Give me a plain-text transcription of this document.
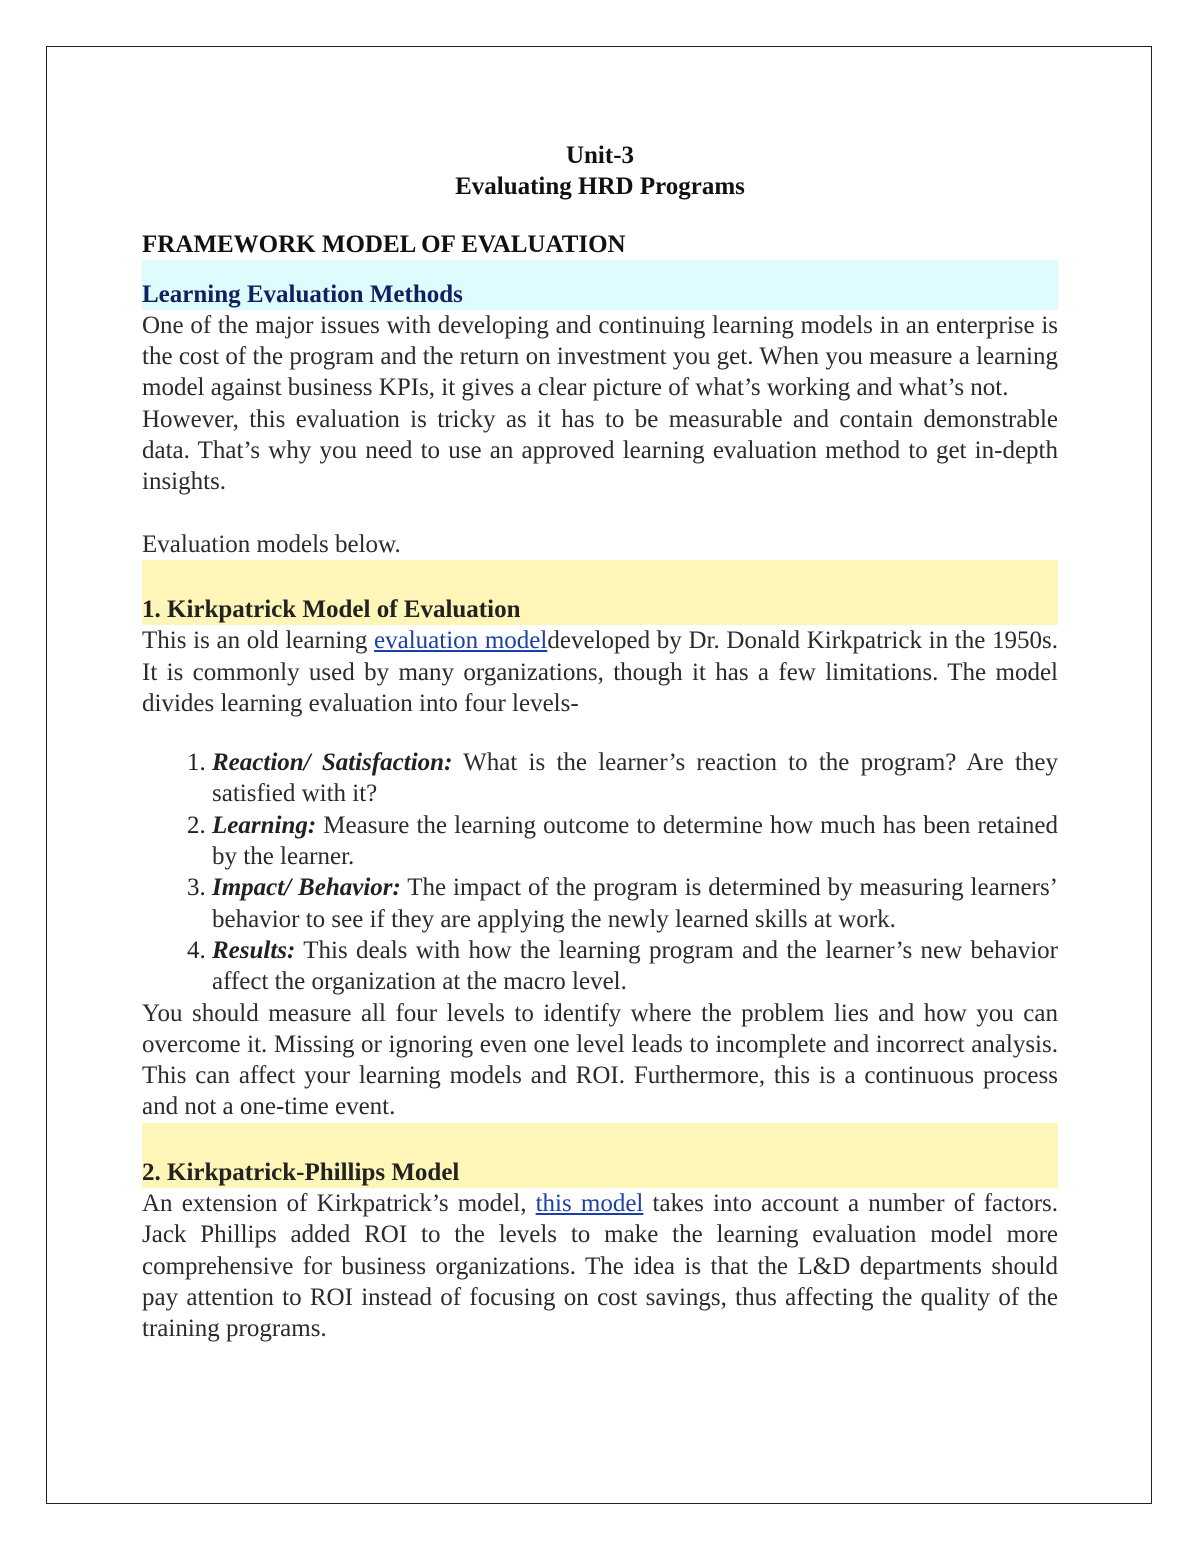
Unit-3

Evaluating HRD Programs

FRAMEWORK MODEL OF EVALUATION
Learning Evaluation Methods

One of the major issues with developing and continuing learning models in an enterprise is the cost of the program and the return on investment you get. When you measure a learning model against business KPIs, it gives a clear picture of what’s working and what’s not.

However, this evaluation is tricky as it has to be measurable and contain demonstrable data. That’s why you need to use an approved learning evaluation method to get in-depth insights.

Evaluation models below.

1. Kirkpatrick Model of Evaluation

This is an old learning evaluation modeldeveloped by Dr. Donald Kirkpatrick in the 1950s. It is commonly used by many organizations, though it has a few limitations. The model divides learning evaluation into four levels-

1. Reaction/ Satisfaction: What is the learner’s reaction to the program? Are they satisfied with it?
2. Learning: Measure the learning outcome to determine how much has been retained by the learner.
3. Impact/ Behavior: The impact of the program is determined by measuring learners’ behavior to see if they are applying the newly learned skills at work.
4. Results: This deals with how the learning program and the learner’s new behavior affect the organization at the macro level.

You should measure all four levels to identify where the problem lies and how you can overcome it. Missing or ignoring even one level leads to incomplete and incorrect analysis. This can affect your learning models and ROI. Furthermore, this is a continuous process and not a one-time event.

2. Kirkpatrick-Phillips Model

An extension of Kirkpatrick’s model, this model takes into account a number of factors. Jack Phillips added ROI to the levels to make the learning evaluation model more comprehensive for business organizations. The idea is that the L&D departments should pay attention to ROI instead of focusing on cost savings, thus affecting the quality of the training programs.
